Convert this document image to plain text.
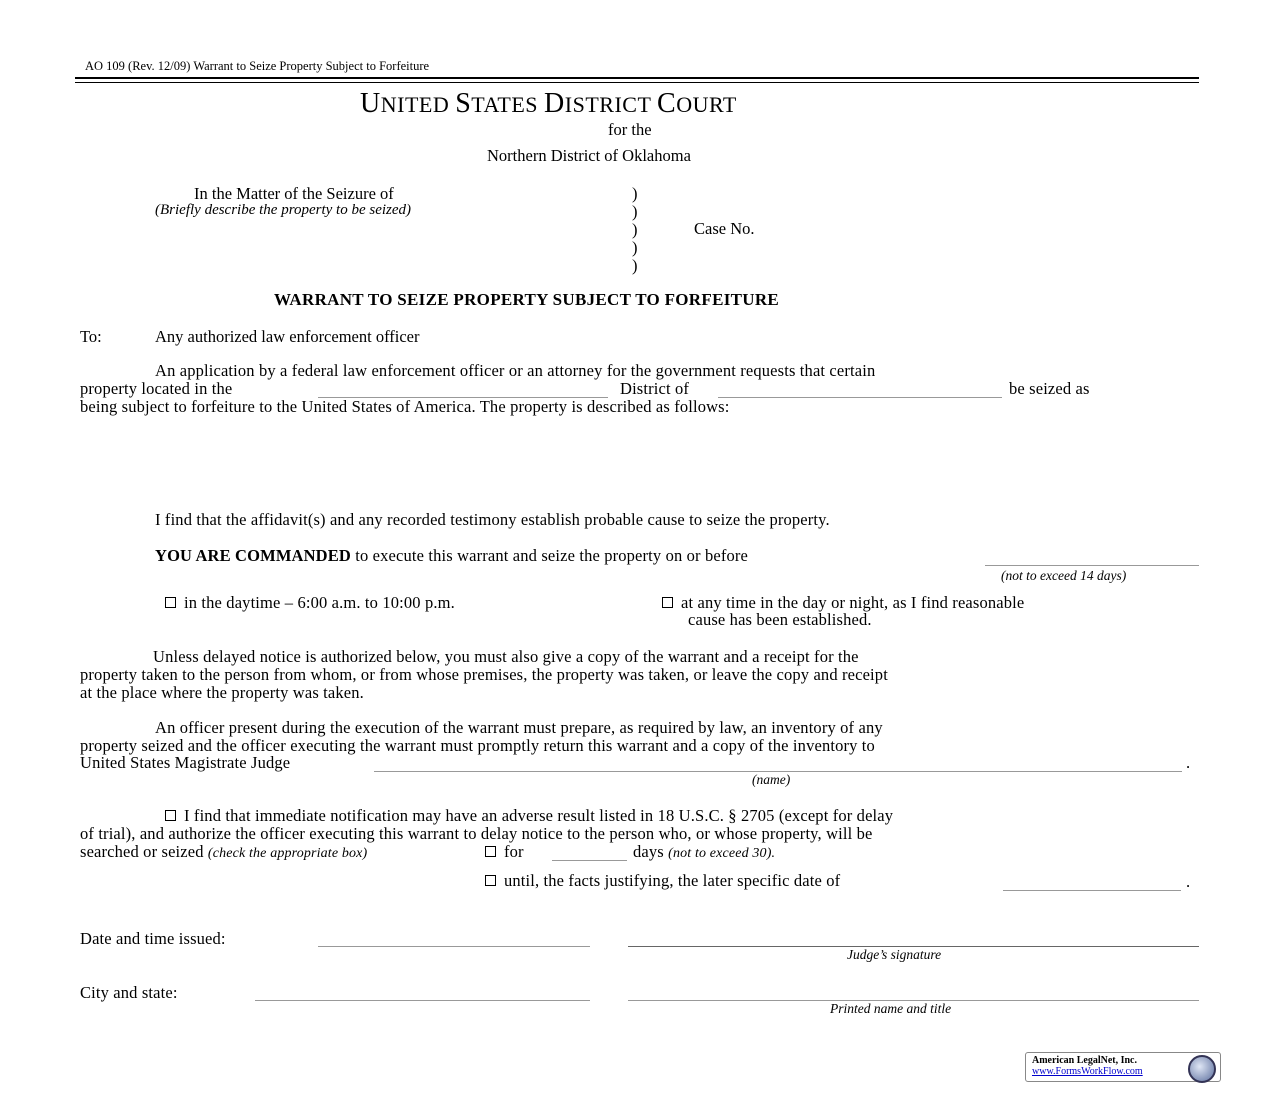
AO 109 (Rev. 12/09) Warrant to Seize Property Subject to Forfeiture
UNITED STATES DISTRICT COURT
for the
Northern District of Oklahoma
In the Matter of the Seizure of
(Briefly describe the property to be seized)
)
)
)
)
)
Case No.
WARRANT TO SEIZE PROPERTY SUBJECT TO FORFEITURE
To:	Any authorized law enforcement officer
An application by a federal law enforcement officer or an attorney for the government requests that certain
property located in the	District of	be seized as
being subject to forfeiture to the United States of America. The property is described as follows:
I find that the affidavit(s) and any recorded testimony establish probable cause to seize the property.
YOU ARE COMMANDED to execute this warrant and seize the property on or before
(not to exceed 14 days)
in the daytime – 6:00 a.m. to 10:00 p.m.	at any time in the day or night, as I find reasonable
cause has been established.
Unless delayed notice is authorized below, you must also give a copy of the warrant and a receipt for the
property taken to the person from whom, or from whose premises, the property was taken, or leave the copy and receipt
at the place where the property was taken.
An officer present during the execution of the warrant must prepare, as required by law, an inventory of any
property seized and the officer executing the warrant must promptly return this warrant and a copy of the inventory to
United States Magistrate Judge	.
(name)
I find that immediate notification may have an adverse result listed in 18 U.S.C. § 2705 (except for delay
of trial), and authorize the officer executing this warrant to delay notice to the person who, or whose property, will be
searched or seized (check the appropriate box)	for	days (not to exceed 30).
until, the facts justifying, the later specific date of	.
Date and time issued:
Judge’s signature
City and state:
Printed name and title
American LegalNet, Inc.
www.FormsWorkFlow.com
